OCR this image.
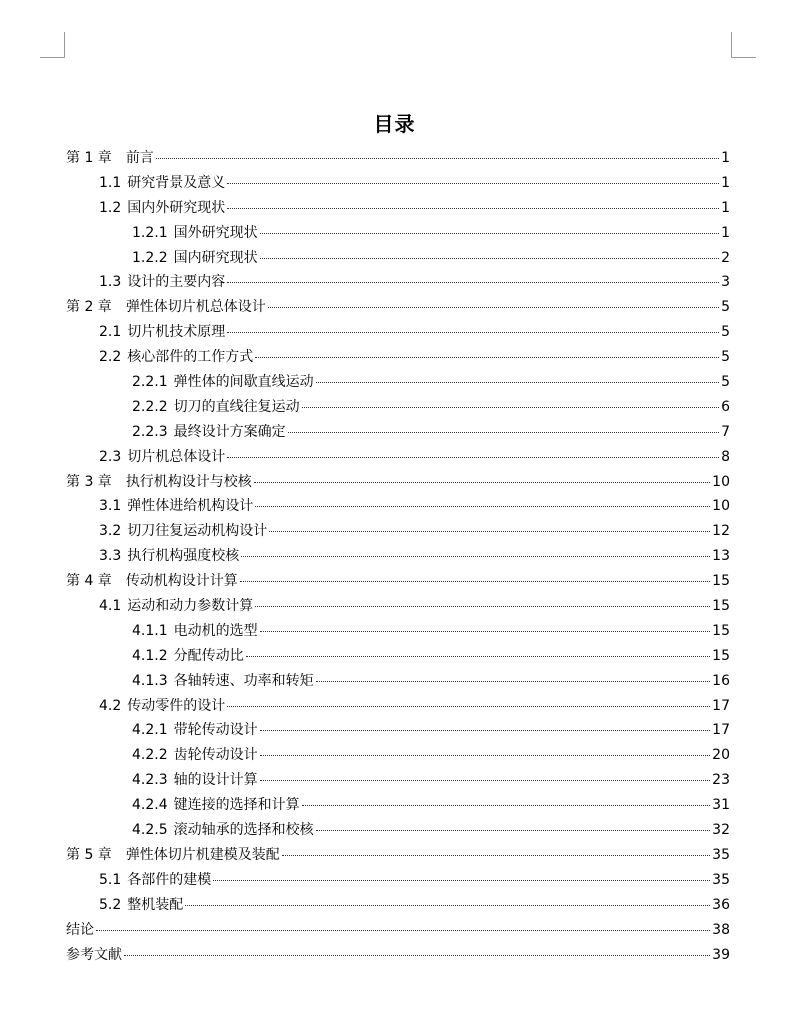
目录
第 1 章 前言	1
1.1 研究背景及意义	1
1.2 国内外研究现状	1
1.2.1 国外研究现状	1
1.2.2 国内研究现状	2
1.3 设计的主要内容	3
第 2 章 弹性体切片机总体设计	5
2.1 切片机技术原理	5
2.2 核心部件的工作方式	5
2.2.1 弹性体的间歇直线运动	5
2.2.2 切刀的直线往复运动	6
2.2.3 最终设计方案确定	7
2.3 切片机总体设计	8
第 3 章 执行机构设计与校核	10
3.1 弹性体进给机构设计	10
3.2 切刀往复运动机构设计	12
3.3 执行机构强度校核	13
第 4 章 传动机构设计计算	15
4.1 运动和动力参数计算	15
4.1.1 电动机的选型	15
4.1.2 分配传动比	15
4.1.3 各轴转速、功率和转矩	16
4.2 传动零件的设计	17
4.2.1 带轮传动设计	17
4.2.2 齿轮传动设计	20
4.2.3 轴的设计计算	23
4.2.4 键连接的选择和计算	31
4.2.5 滚动轴承的选择和校核	32
第 5 章 弹性体切片机建模及装配	35
5.1 各部件的建模	35
5.2 整机装配	36
结论	38
参考文献	39
